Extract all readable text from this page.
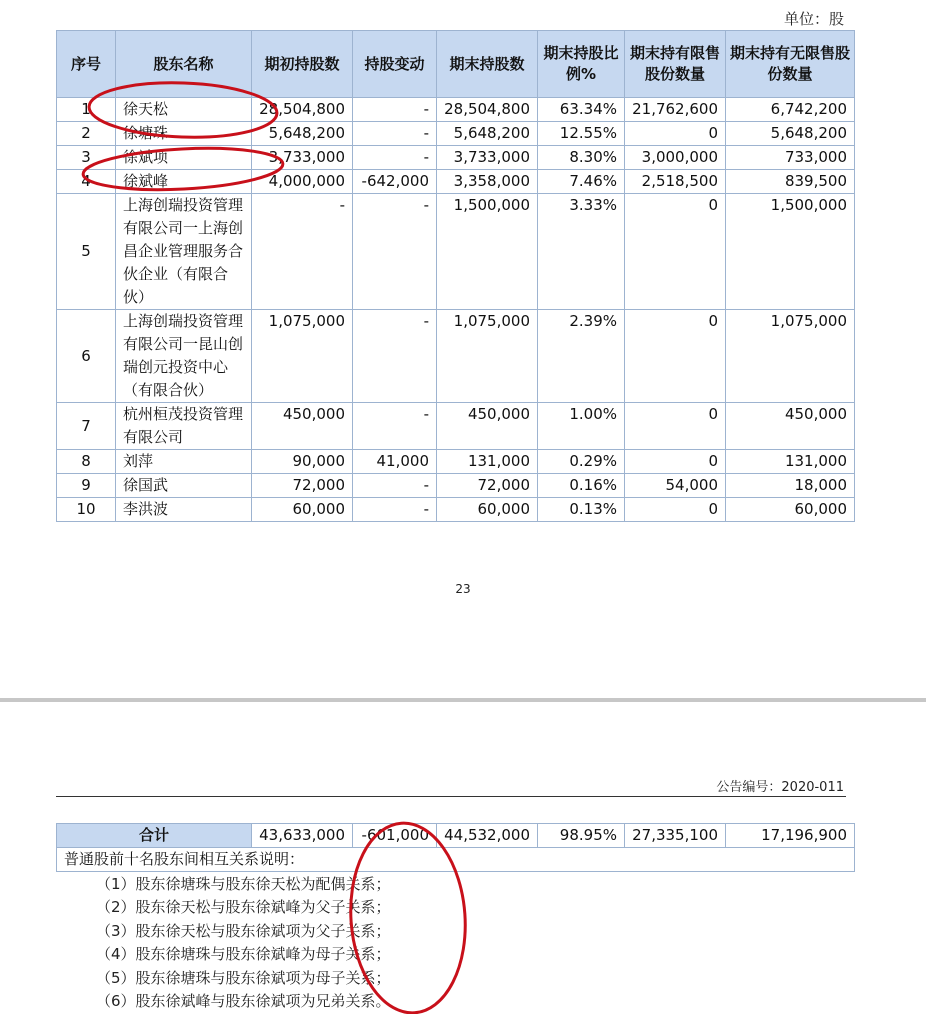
单位：股
序号	股东名称	期初持股数	持股变动	期末持股数	期末持股比例%	期末持有限售股份数量	期末持有无限售股份数量
1	徐天松	28,504,800	-	28,504,800	63.34%	21,762,600	6,742,200
2	徐塘珠	5,648,200	-	5,648,200	12.55%	0	5,648,200
3	徐斌项	3,733,000	-	3,733,000	8.30%	3,000,000	733,000
4	徐斌峰	4,000,000	-642,000	3,358,000	7.46%	2,518,500	839,500
5	上海创瑞投资管理有限公司一上海创昌企业管理服务合伙企业（有限合伙）	-	-	1,500,000	3.33%	0	1,500,000
6	上海创瑞投资管理有限公司一昆山创瑞创元投资中心（有限合伙）	1,075,000	-	1,075,000	2.39%	0	1,075,000
7	杭州桓茂投资管理有限公司	450,000	-	450,000	1.00%	0	450,000
8	刘萍	90,000	41,000	131,000	0.29%	0	131,000
9	徐国武	72,000	-	72,000	0.16%	54,000	18,000
10	李洪波	60,000	-	60,000	0.13%	0	60,000
23
公告编号：2020-011
合计	43,633,000	-601,000	44,532,000	98.95%	27,335,100	17,196,900
普通股前十名股东间相互关系说明：
（1）股东徐塘珠与股东徐天松为配偶关系；
（2）股东徐天松与股东徐斌峰为父子关系；
（3）股东徐天松与股东徐斌项为父子关系；
（4）股东徐塘珠与股东徐斌峰为母子关系；
（5）股东徐塘珠与股东徐斌项为母子关系；
（6）股东徐斌峰与股东徐斌项为兄弟关系。
